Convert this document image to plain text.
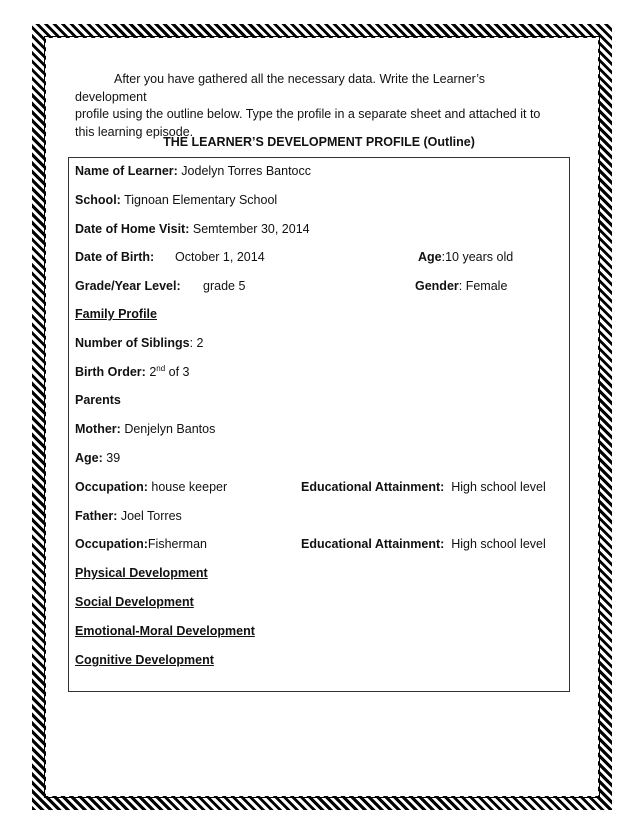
After you have gathered all the necessary data. Write the Learner’s development
profile using the outline below. Type the profile in a separate sheet and attached it to
this learning episode.
THE LEARNER’S DEVELOPMENT PROFILE (Outline)
Name of Learner: Jodelyn Torres Bantocc
School: Tignoan Elementary School
Date of Home Visit: Semtember 30, 2014
Date of Birth: October 1, 2014	Age:10 years old
Grade/Year Level: grade 5	Gender: Female
Family Profile
Number of Siblings: 2
Birth Order: 2nd of 3
Parents
Mother: Denjelyn Bantos
Age: 39
Occupation: house keeper	Educational Attainment: High school level
Father: Joel Torres
Occupation:Fisherman	Educational Attainment: High school level
Physical Development
Social Development
Emotional-Moral Development
Cognitive Development
